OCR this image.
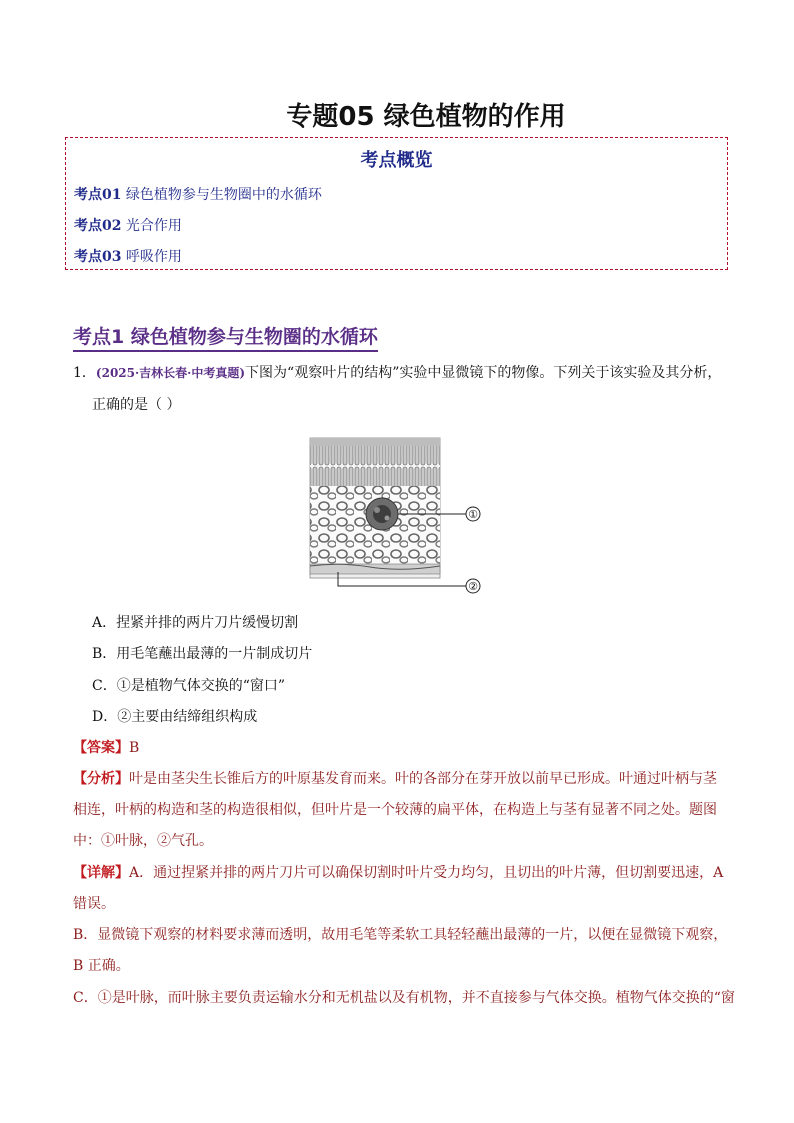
专题05 绿色植物的作用
考点概览
考点01 绿色植物参与生物圈中的水循环
考点02 光合作用
考点03 呼吸作用
考点1 绿色植物参与生物圈的水循环
1．(2025·吉林长春·中考真题)下图为“观察叶片的结构”实验中显微镜下的物像。下列关于该实验及其分析，
正确的是（ ）
①
②
A．捏紧并排的两片刀片缓慢切割
B．用毛笔蘸出最薄的一片制成切片
C．①是植物气体交换的“窗口”
D．②主要由结缔组织构成
【答案】B
【分析】叶是由茎尖生长锥后方的叶原基发育而来。叶的各部分在芽开放以前早已形成。叶通过叶柄与茎
相连，叶柄的构造和茎的构造很相似，但叶片是一个较薄的扁平体，在构造上与茎有显著不同之处。题图
中：①叶脉，②气孔。
【详解】A．通过捏紧并排的两片刀片可以确保切割时叶片受力均匀，且切出的叶片薄，但切割要迅速，A
错误。
B．显微镜下观察的材料要求薄而透明，故用毛笔等柔软工具轻轻蘸出最薄的一片，以便在显微镜下观察，
B 正确。
C．①是叶脉，而叶脉主要负责运输水分和无机盐以及有机物，并不直接参与气体交换。植物气体交换的“窗
